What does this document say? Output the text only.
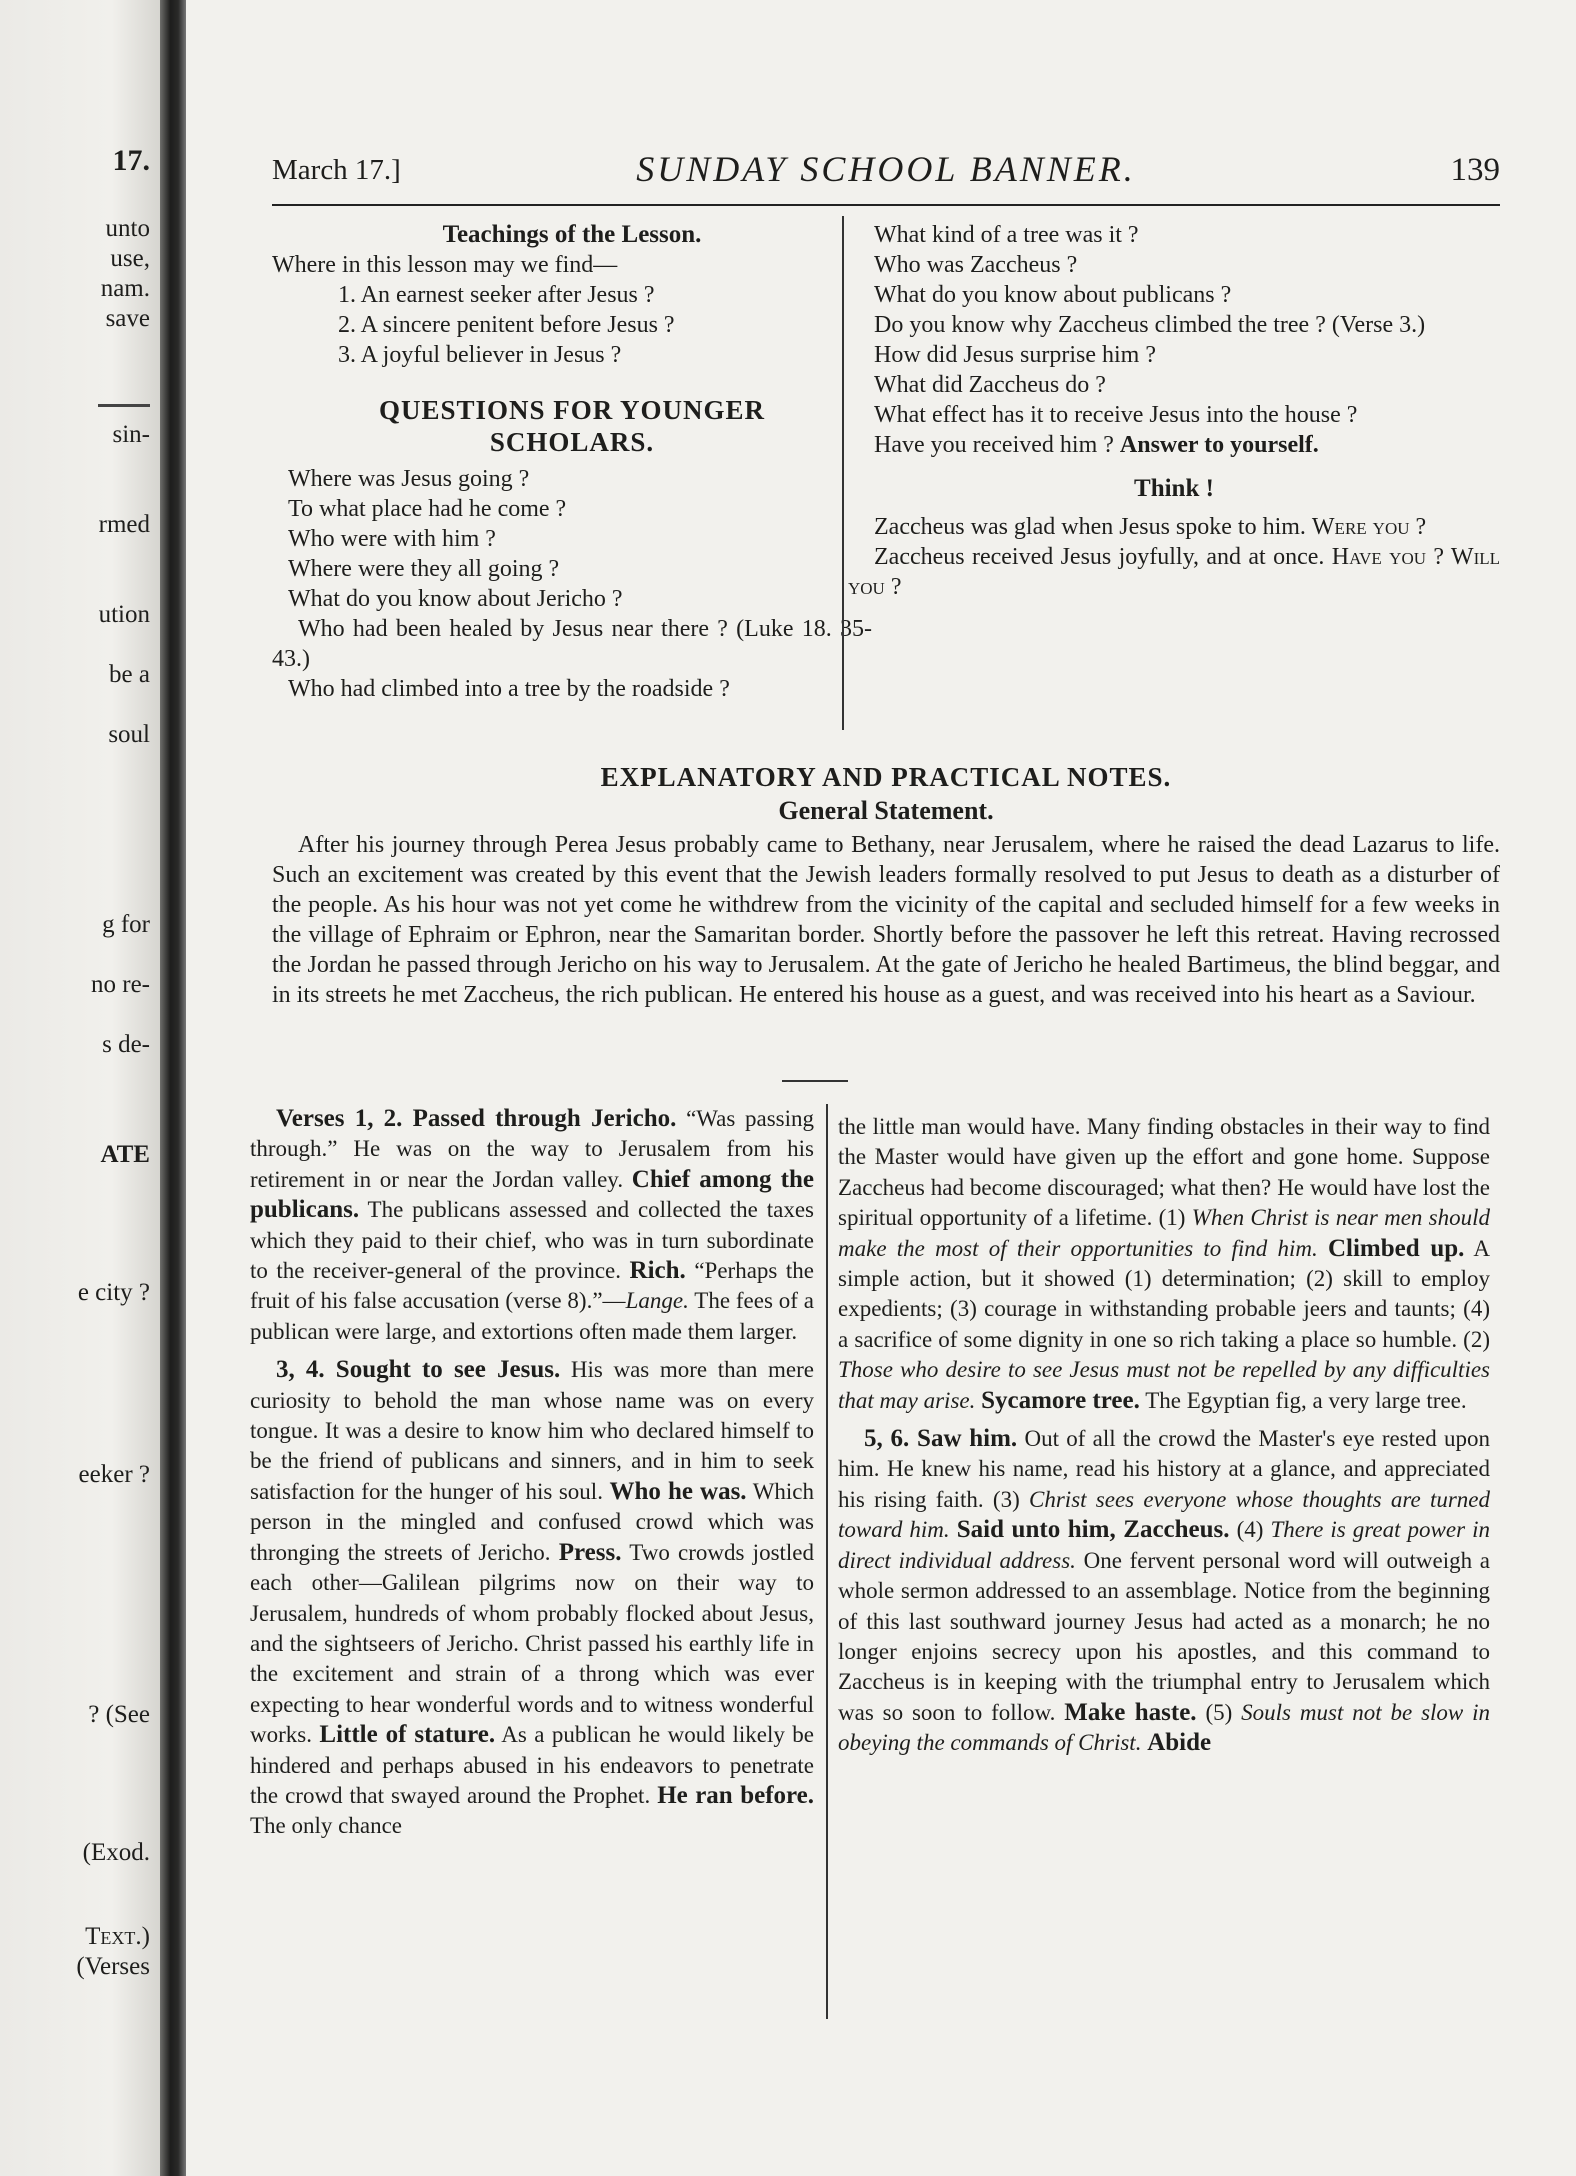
17.
unto
use,
nam.
save
sin-
rmed
ution
be a
soul
g for
no re-
s de-
ATE
e city ?
eeker ?
? (See
(Exod.
Text.)
(Verses
March 17.]	SUNDAY SCHOOL BANNER.	139

Teachings of the Lesson.

Where in this lesson may we find—

1. An earnest seeker after Jesus ?

2. A sincere penitent before Jesus ?

3. A joyful believer in Jesus ?

QUESTIONS FOR YOUNGER

SCHOLARS.

Where was Jesus going ?

To what place had he come ?

Who were with him ?

Where were they all going ?

What do you know about Jericho ?

Who had been healed by Jesus near there ? (Luke 18. 35-43.)

Who had climbed into a tree by the roadside ?

What kind of a tree was it ?

Who was Zaccheus ?

What do you know about publicans ?

Do you know why Zaccheus climbed the tree ? (Verse 3.)

How did Jesus surprise him ?

What did Zaccheus do ?

What effect has it to receive Jesus into the house ?

Have you received him ? Answer to yourself.

Think !

Zaccheus was glad when Jesus spoke to him. Were you ?

Zaccheus received Jesus joyfully, and at once. Have you ? Will you ?

EXPLANATORY AND PRACTICAL NOTES.
General Statement.

After his journey through Perea Jesus probably came to Bethany, near Jerusalem, where he raised the dead Lazarus to life. Such an excitement was created by this event that the Jewish leaders formally resolved to put Jesus to death as a disturber of the people. As his hour was not yet come he withdrew from the vicinity of the capital and secluded himself for a few weeks in the village of Ephraim or Ephron, near the Samaritan border. Shortly before the passover he left this retreat. Having recrossed the Jordan he passed through Jericho on his way to Jerusalem. At the gate of Jericho he healed Bartimeus, the blind beggar, and in its streets he met Zaccheus, the rich publican. He entered his house as a guest, and was received into his heart as a Saviour.

Verses 1, 2. Passed through Jericho. “Was passing through.” He was on the way to Jerusalem from his retirement in or near the Jordan valley. Chief among the publicans. The publicans assessed and collected the taxes which they paid to their chief, who was in turn subordinate to the receiver-general of the province. Rich. “Perhaps the fruit of his false accusation (verse 8).”—Lange. The fees of a publican were large, and extortions often made them larger.

3, 4. Sought to see Jesus. His was more than mere curiosity to behold the man whose name was on every tongue. It was a desire to know him who declared himself to be the friend of publicans and sinners, and in him to seek satisfaction for the hunger of his soul. Who he was. Which person in the mingled and confused crowd which was thronging the streets of Jericho. Press. Two crowds jostled each other—Galilean pilgrims now on their way to Jerusalem, hundreds of whom probably flocked about Jesus, and the sightseers of Jericho. Christ passed his earthly life in the excitement and strain of a throng which was ever expecting to hear wonderful words and to witness wonderful works. Little of stature. As a publican he would likely be hindered and perhaps abused in his endeavors to penetrate the crowd that swayed around the Prophet. He ran before. The only chance

the little man would have. Many finding obstacles in their way to find the Master would have given up the effort and gone home. Suppose Zaccheus had become discouraged; what then? He would have lost the spiritual opportunity of a lifetime. (1) When Christ is near men should make the most of their opportunities to find him. Climbed up. A simple action, but it showed (1) determination; (2) skill to employ expedients; (3) courage in withstanding probable jeers and taunts; (4) a sacrifice of some dignity in one so rich taking a place so humble. (2) Those who desire to see Jesus must not be repelled by any difficulties that may arise. Sycamore tree. The Egyptian fig, a very large tree.

5, 6. Saw him. Out of all the crowd the Master's eye rested upon him. He knew his name, read his history at a glance, and appreciated his rising faith. (3) Christ sees everyone whose thoughts are turned toward him. Said unto him, Zaccheus. (4) There is great power in direct individual address. One fervent personal word will outweigh a whole sermon addressed to an assemblage. Notice from the beginning of this last southward journey Jesus had acted as a monarch; he no longer enjoins secrecy upon his apostles, and this command to Zaccheus is in keeping with the triumphal entry to Jerusalem which was so soon to follow. Make haste. (5) Souls must not be slow in obeying the commands of Christ. Abide
